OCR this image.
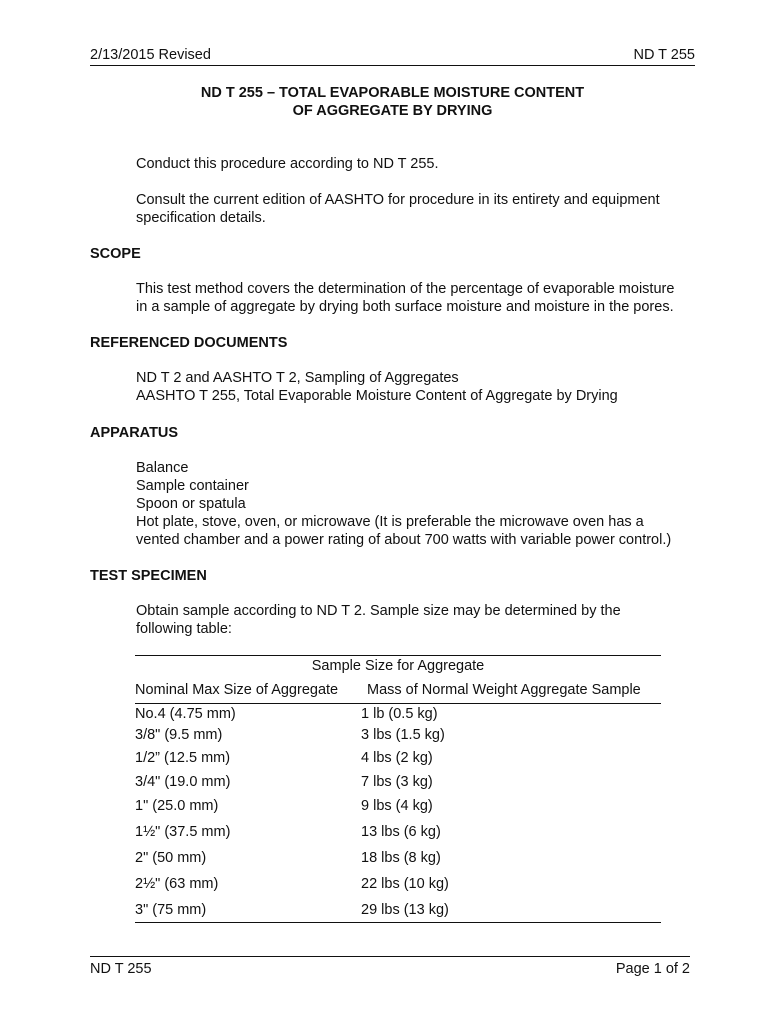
2/13/2015 Revised	ND T 255
ND T 255 – TOTAL EVAPORABLE MOISTURE CONTENT
OF AGGREGATE BY DRYING
Conduct this procedure according to ND T 255.
Consult the current edition of AASHTO for procedure in its entirety and equipment
specification details.
SCOPE
This test method covers the determination of the percentage of evaporable moisture
in a sample of aggregate by drying both surface moisture and moisture in the pores.
REFERENCED DOCUMENTS
ND T 2 and AASHTO T 2, Sampling of Aggregates
AASHTO T 255, Total Evaporable Moisture Content of Aggregate by Drying
APPARATUS
Balance
Sample container
Spoon or spatula
Hot plate, stove, oven, or microwave (It is preferable the microwave oven has a
vented chamber and a power rating of about 700 watts with variable power control.)
TEST SPECIMEN
Obtain sample according to ND T 2. Sample size may be determined by the
following table:
Sample Size for Aggregate
Nominal Max Size of Aggregate Mass of Normal Weight Aggregate Sample
No.4 (4.75 mm)	1 lb (0.5 kg)
3/8" (9.5 mm)	3 lbs (1.5 kg)
1/2” (12.5 mm)	4 lbs (2 kg)
3/4" (19.0 mm)	7 lbs (3 kg)
1" (25.0 mm)	9 lbs (4 kg)
1½" (37.5 mm)	13 lbs (6 kg)
2" (50 mm)	18 lbs (8 kg)
2½" (63 mm)	22 lbs (10 kg)
3" (75 mm)	29 lbs (13 kg)
ND T 255	Page 1 of 2
